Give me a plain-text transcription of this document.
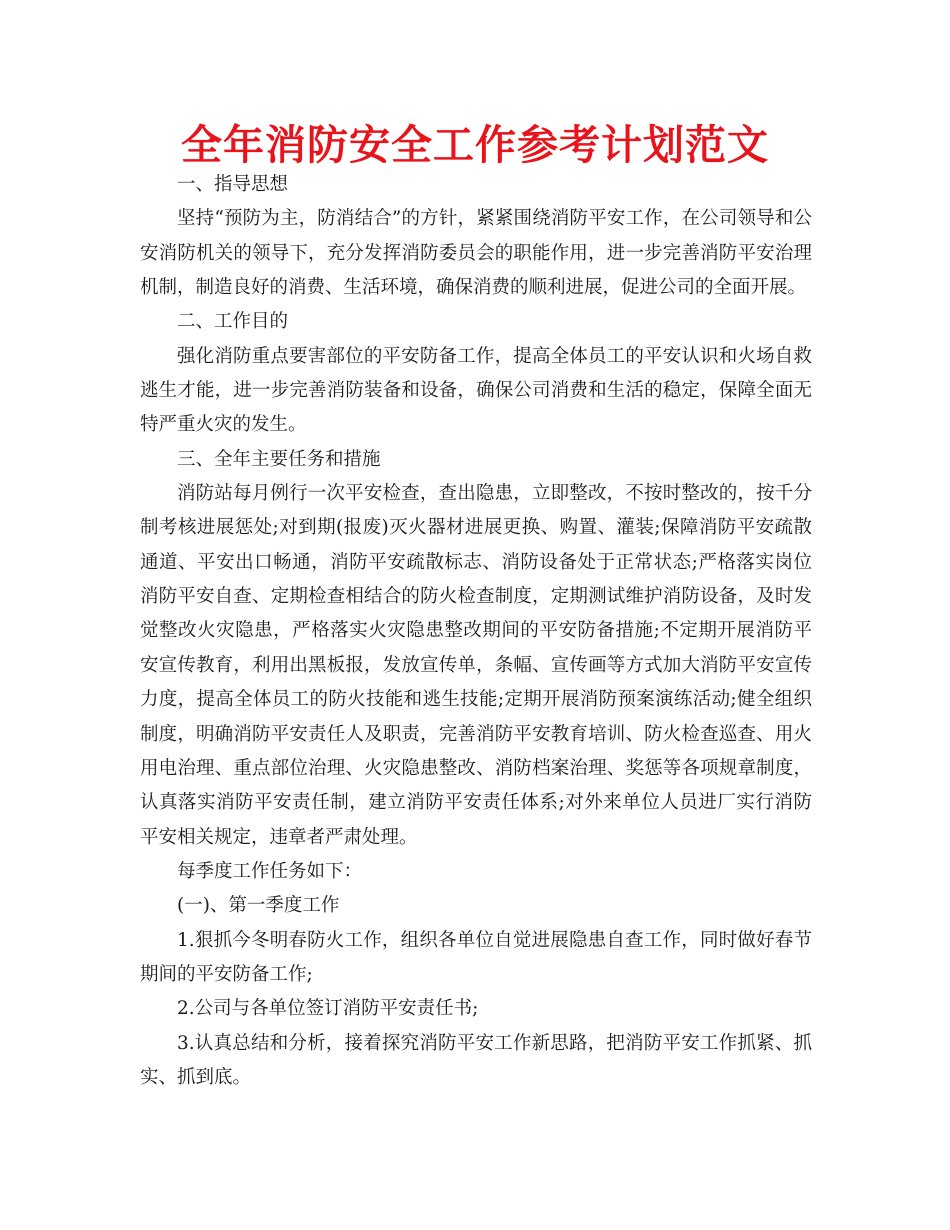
全年消防安全工作参考计划范文

一、指导思想

坚持“预防为主，防消结合”的方针，紧紧围绕消防平安工作，在公司领导和公安消防机关的领导下，充分发挥消防委员会的职能作用，进一步完善消防平安治理机制，制造良好的消费、生活环境，确保消费的顺利进展，促进公司的全面开展。

二、工作目的

强化消防重点要害部位的平安防备工作，提高全体员工的平安认识和火场自救逃生才能，进一步完善消防装备和设备，确保公司消费和生活的稳定，保障全面无特严重火灾的发生。

三、全年主要任务和措施

消防站每月例行一次平安检查，查出隐患，立即整改，不按时整改的，按千分制考核进展惩处;对到期(报废)灭火器材进展更换、购置、灌装;保障消防平安疏散通道、平安出口畅通，消防平安疏散标志、消防设备处于正常状态;严格落实岗位消防平安自查、定期检查相结合的防火检查制度，定期测试维护消防设备，及时发觉整改火灾隐患，严格落实火灾隐患整改期间的平安防备措施;不定期开展消防平安宣传教育，利用出黑板报，发放宣传单，条幅、宣传画等方式加大消防平安宣传力度，提高全体员工的防火技能和逃生技能;定期开展消防预案演练活动;健全组织制度，明确消防平安责任人及职责，完善消防平安教育培训、防火检查巡查、用火用电治理、重点部位治理、火灾隐患整改、消防档案治理、奖惩等各项规章制度，认真落实消防平安责任制，建立消防平安责任体系;对外来单位人员进厂实行消防平安相关规定，违章者严肃处理。

每季度工作任务如下：

(一)、第一季度工作

1.狠抓今冬明春防火工作，组织各单位自觉进展隐患自查工作，同时做好春节期间的平安防备工作;

2.公司与各单位签订消防平安责任书;

3.认真总结和分析，接着探究消防平安工作新思路，把消防平安工作抓紧、抓实、抓到底。
